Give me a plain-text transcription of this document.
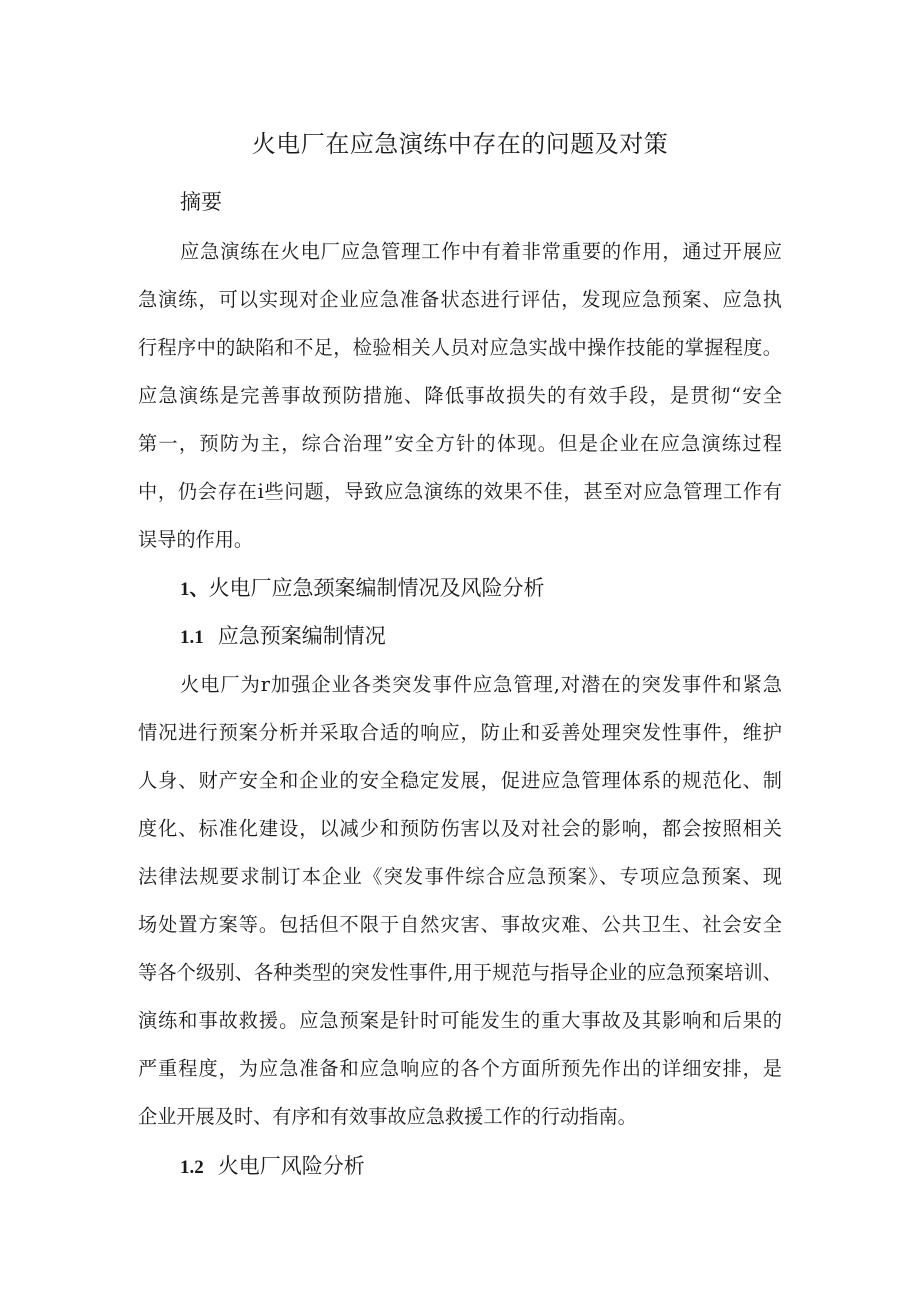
火电厂在应急演练中存在的问题及对策
摘要
应急演练在火电厂应急管理工作中有着非常重要的作用，通过开展应
急演练，可以实现对企业应急准备状态进行评估，发现应急预案、应急执
行程序中的缺陷和不足，检验相关人员对应急实战中操作技能的掌握程度。
应急演练是完善事故预防措施、降低事故损失的有效手段，是贯彻“安全
第一，预防为主，综合治理”安全方针的体现。但是企业在应急演练过程
中，仍会存在i些问题，导致应急演练的效果不佳，甚至对应急管理工作有
误导的作用。
1、火电厂应急颈案编制情况及风险分析
1.1 应急预案编制情况
火电厂为r加强企业各类突发事件应急管理,对潜在的突发事件和紧急
情况进行预案分析并采取合适的响应，防止和妥善处理突发性事件，维护
人身、财产安全和企业的安全稳定发展，促进应急管理体系的规范化、制
度化、标准化建设，以减少和预防伤害以及对社会的影响，都会按照相关
法律法规要求制订本企业《突发事件综合应急预案》、专项应急预案、现
场处置方案等。包括但不限于自然灾害、事故灾难、公共卫生、社会安全
等各个级别、各种类型的突发性事件,用于规范与指导企业的应急预案培训、
演练和事故救援。应急预案是针时可能发生的重大事故及其影响和后果的
严重程度，为应急准备和应急响应的各个方面所预先作出的详细安排，是
企业开展及时、有序和有效事故应急救援工作的行动指南。
1.2 火电厂风险分析
